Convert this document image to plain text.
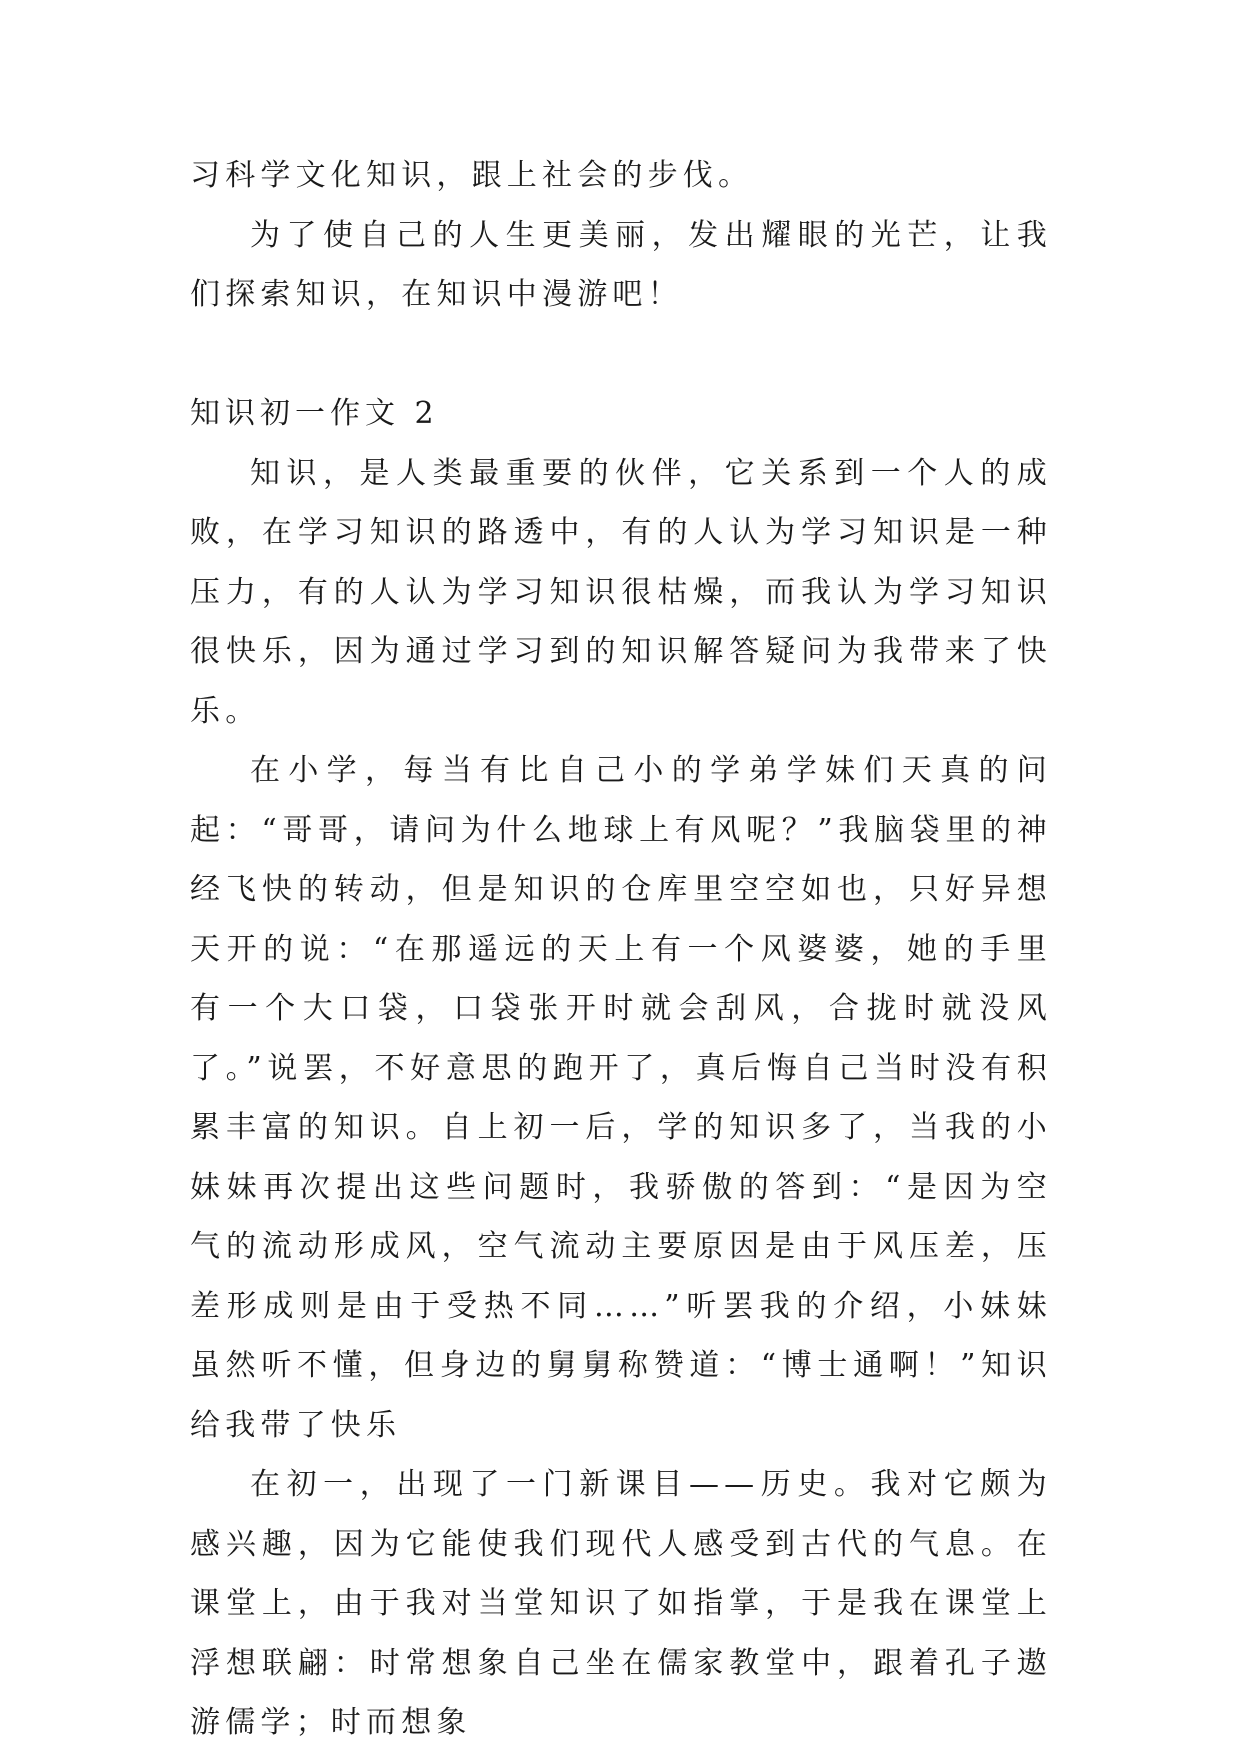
习科学文化知识，跟上社会的步伐。

为了使自己的人生更美丽，发出耀眼的光芒，让我们探索知识，在知识中漫游吧！

知识初一作文 2

知识，是人类最重要的伙伴，它关系到一个人的成败，在学习知识的路透中，有的人认为学习知识是一种压力，有的人认为学习知识很枯燥，而我认为学习知识很快乐，因为通过学习到的知识解答疑问为我带来了快乐。

在小学，每当有比自己小的学弟学妹们天真的问起：“哥哥，请问为什么地球上有风呢？”我脑袋里的神经飞快的转动，但是知识的仓库里空空如也，只好异想天开的说：“在那遥远的天上有一个风婆婆，她的手里有一个大口袋，口袋张开时就会刮风，合拢时就没风了。”说罢，不好意思的跑开了，真后悔自己当时没有积累丰富的知识。自上初一后，学的知识多了，当我的小妹妹再次提出这些问题时，我骄傲的答到：“是因为空气的流动形成风，空气流动主要原因是由于风压差，压差形成则是由于受热不同……”听罢我的介绍，小妹妹虽然听不懂，但身边的舅舅称赞道：“博士通啊！”知识给我带了快乐

在初一，出现了一门新课目——历史。我对它颇为感兴趣，因为它能使我们现代人感受到古代的气息。在课堂上，由于我对当堂知识了如指掌，于是我在课堂上浮想联翩：时常想象自己坐在儒家教堂中，跟着孔子遨游儒学；时而想象
